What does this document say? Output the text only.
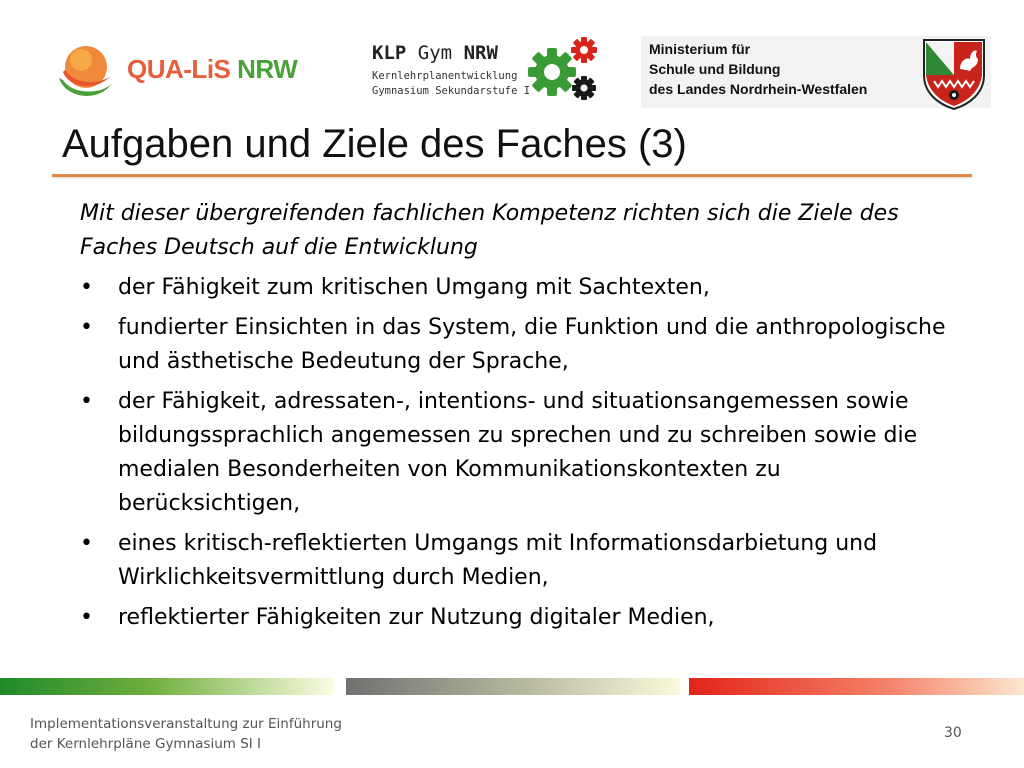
QUA-LiS NRW
KLP Gym NRW
Kernlehrplanentwicklung
Gymnasium Sekundarstufe I
Ministerium für
Schule und Bildung
des Landes Nordrhein-Westfalen
Aufgaben und Ziele des Faches (3)

Mit dieser übergreifenden fachlichen Kompetenz richten sich die Ziele des Faches Deutsch auf die Entwicklung

• der Fähigkeit zum kritischen Umgang mit Sachtexten,
• fundierter Einsichten in das System, die Funktion und die anthropologische und ästhetische Bedeutung der Sprache,
• der Fähigkeit, adressaten-, intentions- und situationsangemessen sowie bildungssprachlich angemessen zu sprechen und zu schreiben sowie die medialen Besonderheiten von Kommunikationskontexten zu berücksichtigen,
• eines kritisch-reflektierten Umgangs mit Informationsdarbietung und Wirklichkeitsvermittlung durch Medien,
• reflektierter Fähigkeiten zur Nutzung digitaler Medien,
Implementationsveranstaltung zur Einführung
der Kernlehrpläne Gymnasium SI I
30
